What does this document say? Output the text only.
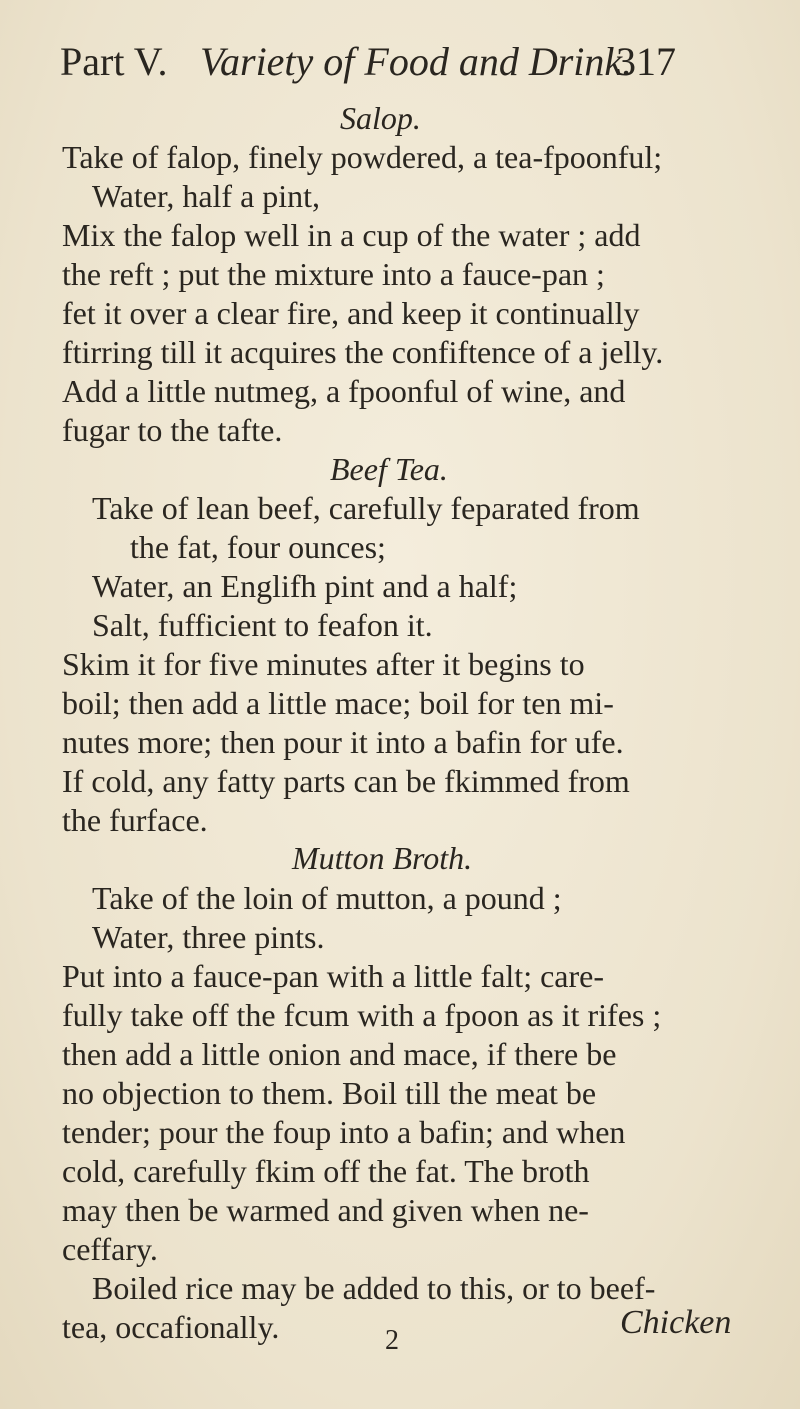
Part V. Variety of Food and Drink.
317
Salop.
Take of falop, finely powdered, a tea-fpoonful;
Water, half a pint,
Mix the falop well in a cup of the water ; add
the reft ; put the mixture into a fauce-pan ;
fet it over a clear fire, and keep it continually
ftirring till it acquires the confiftence of a jelly.
Add a little nutmeg, a fpoonful of wine, and
fugar to the tafte.
Beef Tea.
Take of lean beef, carefully feparated from
the fat, four ounces;
Water, an Englifh pint and a half;
Salt, fufficient to feafon it.
Skim it for five minutes after it begins to
boil; then add a little mace; boil for ten mi-
nutes more; then pour it into a bafin for ufe.
If cold, any fatty parts can be fkimmed from
the furface.
Mutton Broth.
Take of the loin of mutton, a pound ;
Water, three pints.
Put into a fauce-pan with a little falt; care-
fully take off the fcum with a fpoon as it rifes ;
then add a little onion and mace, if there be
no objection to them. Boil till the meat be
tender; pour the foup into a bafin; and when
cold, carefully fkim off the fat. The broth
may then be warmed and given when ne-
ceffary.
Boiled rice may be added to this, or to beef-
tea, occafionally.	2	Chicken
